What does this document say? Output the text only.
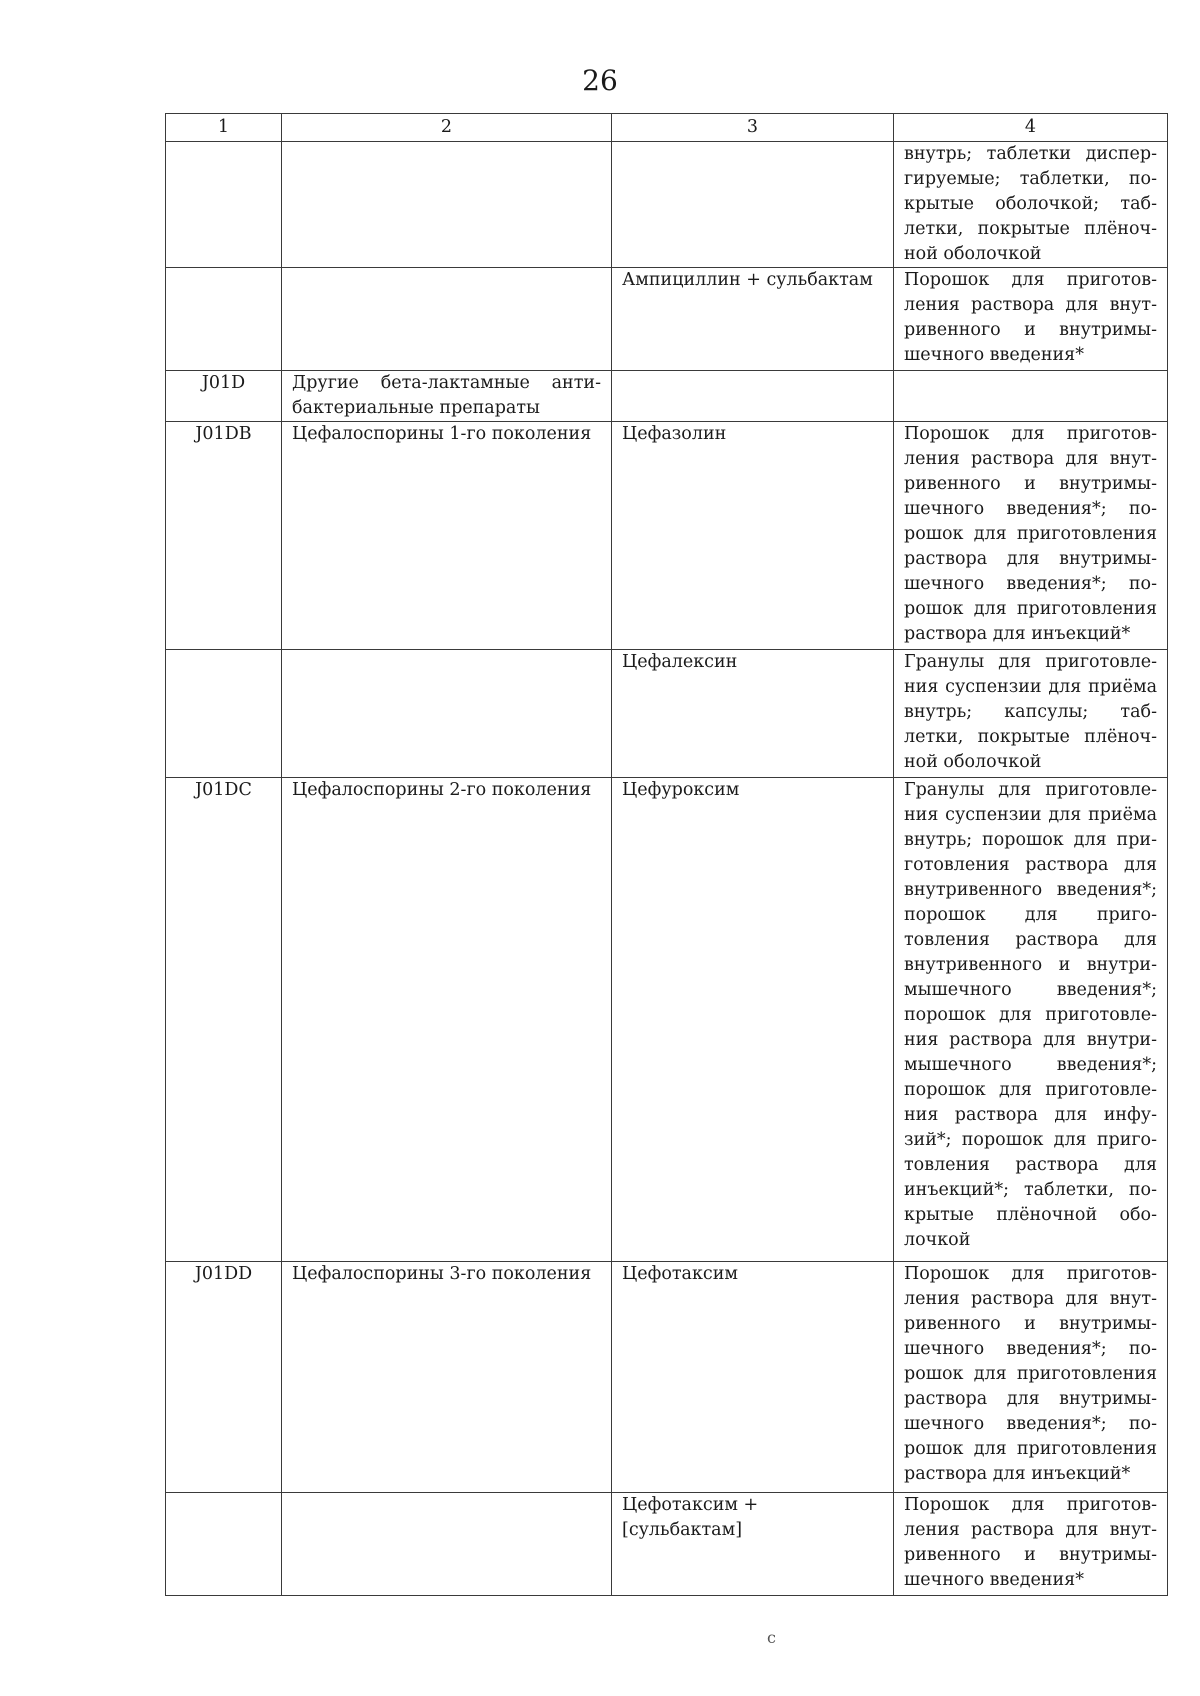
26
1	2	3	4
			внутрь; таблетки диспергируемые; таблетки, покрытые оболочкой; таблетки, покрытые плёночной оболочкой
		Ампициллин + сульбактам	Порошок для приготовления раствора для внутривенного и внутримышечного введения*
J01D	Другие бета-лактамные антибактериальные препараты		
J01DB	Цефалоспорины 1-го поколения	Цефазолин	Порошок для приготовления раствора для внутривенного и внутримышечного введения*; порошок для приготовления раствора для внутримышечного введения*; порошок для приготовления раствора для инъекций*
		Цефалексин	Гранулы для приготовления суспензии для приёма внутрь; капсулы; таблетки, покрытые плёночной оболочкой
J01DC	Цефалоспорины 2-го поколения	Цефуроксим	Гранулы для приготовления суспензии для приёма внутрь; порошок для приготовления раствора для внутривенного введения*; порошок для приготовления раствора для внутривенного и внутримышечного введения*; порошок для приготовления раствора для внутримышечного введения*; порошок для приготовления раствора для инфузий*; порошок для приготовления раствора для инъекций*; таблетки, покрытые плёночной оболочкой
J01DD	Цефалоспорины 3-го поколения	Цефотаксим	Порошок для приготовления раствора для внутривенного и внутримышечного введения*; порошок для приготовления раствора для внутримышечного введения*; порошок для приготовления раствора для инъекций*
		Цефотаксим + [сульбактам]	Порошок для приготовления раствора для внутривенного и внутримышечного введения*
с
